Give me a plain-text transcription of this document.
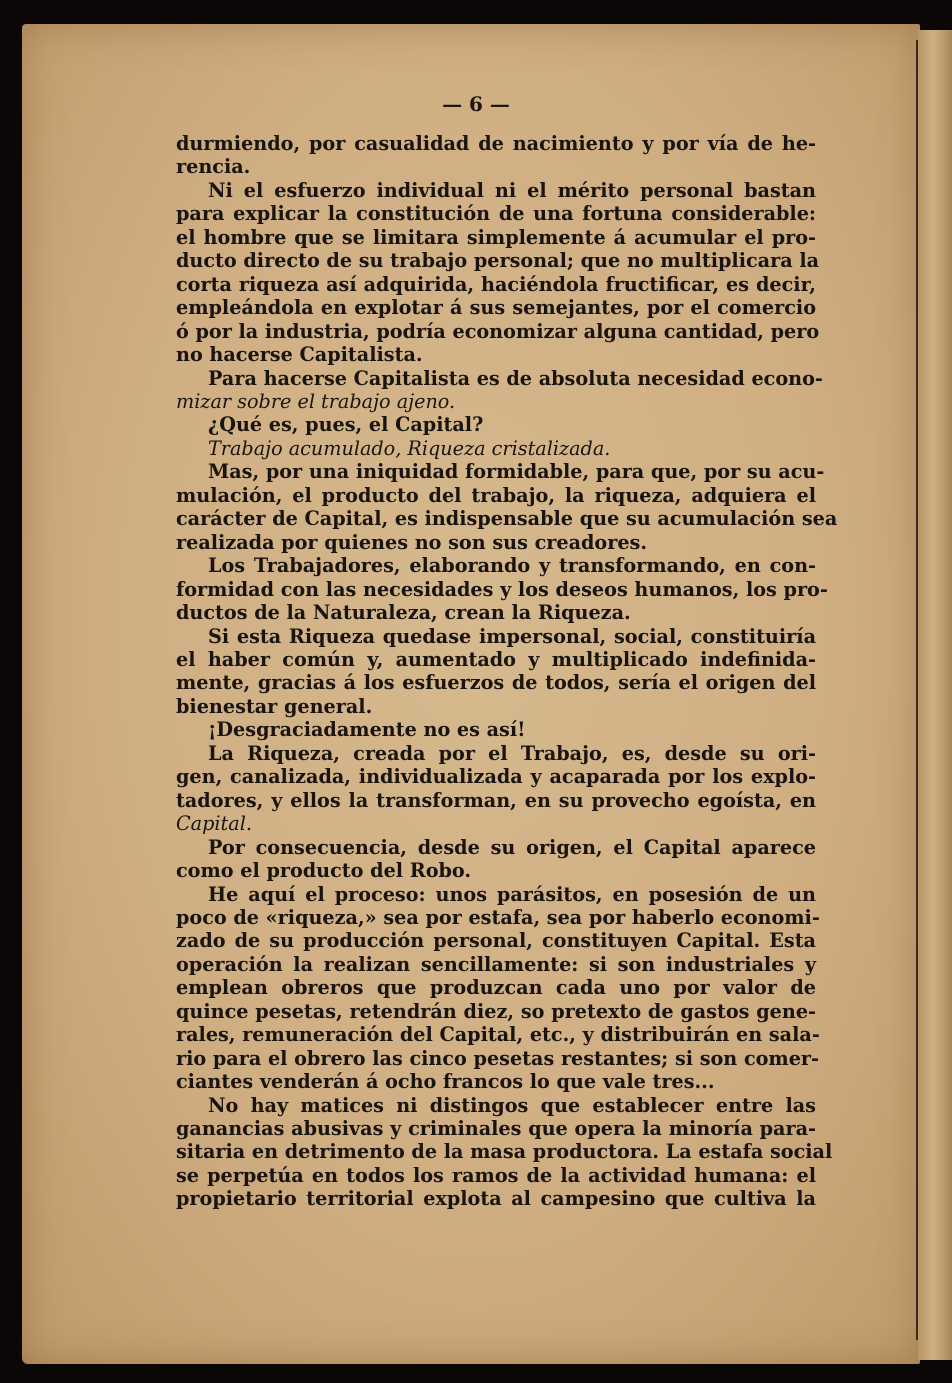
— 6 —
durmiendo, por casualidad de nacimiento y por vía de he-
rencia.
Ni el esfuerzo individual ni el mérito personal bastan
para explicar la constitución de una fortuna considerable:
el hombre que se limitara simplemente á acumular el pro-
ducto directo de su trabajo personal; que no multiplicara la
corta riqueza así adquirida, haciéndola fructificar, es decir,
empleándola en explotar á sus semejantes, por el comercio
ó por la industria, podría economizar alguna cantidad, pero
no hacerse Capitalista.
Para hacerse Capitalista es de absoluta necesidad econo-
mizar sobre el trabajo ajeno.
¿Qué es, pues, el Capital?
Trabajo acumulado, Riqueza cristalizada.
Mas, por una iniquidad formidable, para que, por su acu-
mulación, el producto del trabajo, la riqueza, adquiera el
carácter de Capital, es indispensable que su acumulación sea
realizada por quienes no son sus creadores.
Los Trabajadores, elaborando y transformando, en con-
formidad con las necesidades y los deseos humanos, los pro-
ductos de la Naturaleza, crean la Riqueza.
Si esta Riqueza quedase impersonal, social, constituiría
el haber común y, aumentado y multiplicado indefinida-
mente, gracias á los esfuerzos de todos, sería el origen del
bienestar general.
¡Desgraciadamente no es así!
La Riqueza, creada por el Trabajo, es, desde su ori-
gen, canalizada, individualizada y acaparada por los explo-
tadores, y ellos la transforman, en su provecho egoísta, en
Capital.
Por consecuencia, desde su origen, el Capital aparece
como el producto del Robo.
He aquí el proceso: unos parásitos, en posesión de un
poco de «riqueza,» sea por estafa, sea por haberlo economi-
zado de su producción personal, constituyen Capital. Esta
operación la realizan sencillamente: si son industriales y
emplean obreros que produzcan cada uno por valor de
quince pesetas, retendrán diez, so pretexto de gastos gene-
rales, remuneración del Capital, etc., y distribuirán en sala-
rio para el obrero las cinco pesetas restantes; si son comer-
ciantes venderán á ocho francos lo que vale tres...
No hay matices ni distingos que establecer entre las
ganancias abusivas y criminales que opera la minoría para-
sitaria en detrimento de la masa productora. La estafa social
se perpetúa en todos los ramos de la actividad humana: el
propietario territorial explota al campesino que cultiva la
